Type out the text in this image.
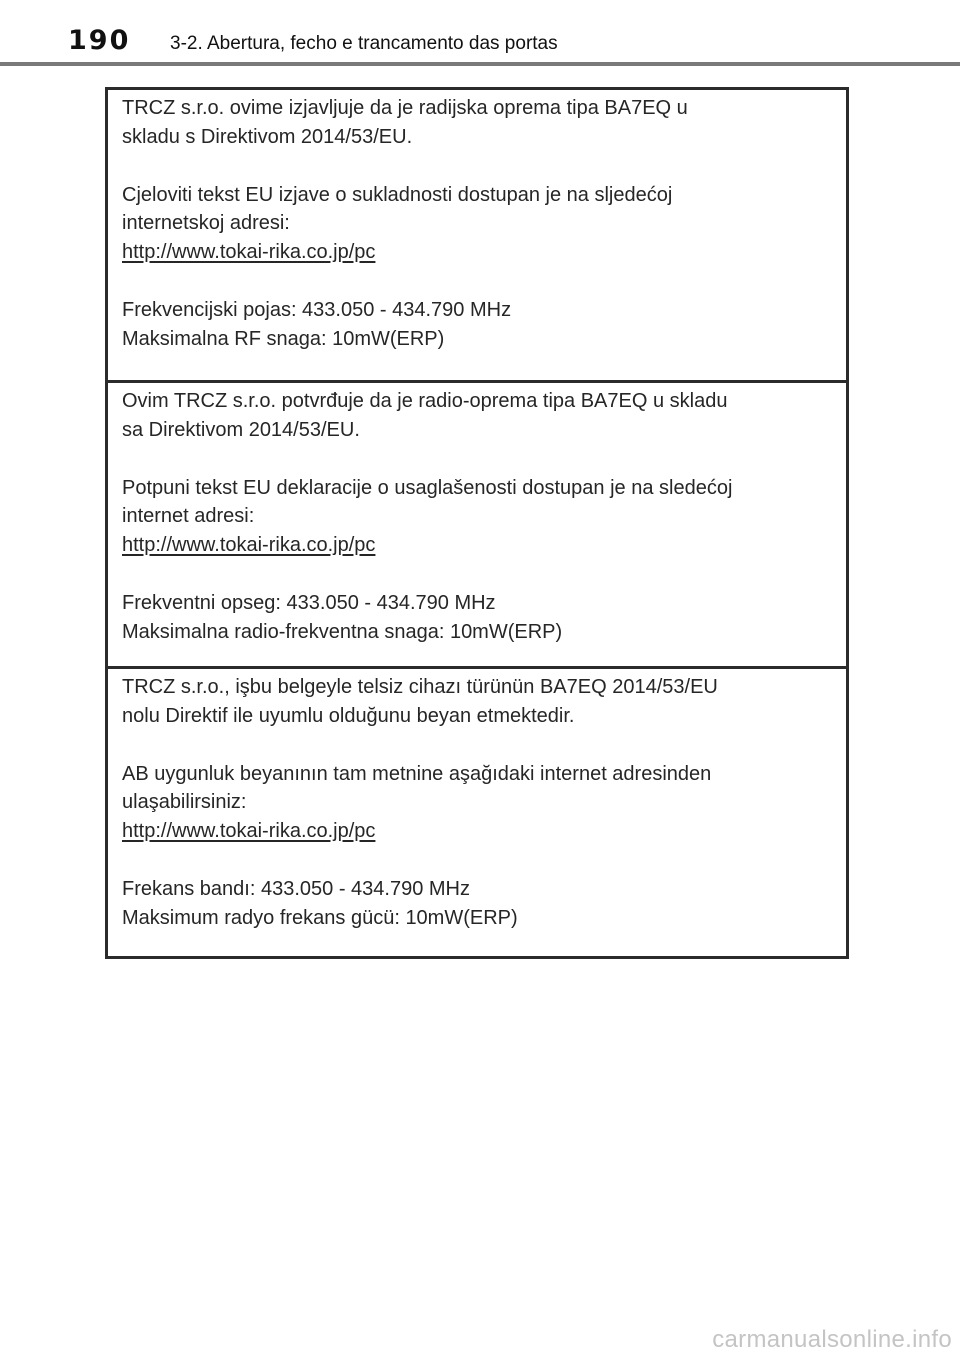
190 3-2. Abertura, fecho e trancamento das portas

TRCZ s.r.o. ovime izjavljuje da je radijska oprema tipa BA7EQ u

skladu s Direktivom 2014/53/EU.

Cjeloviti tekst EU izjave o sukladnosti dostupan je na sljedećoj

internetskoj adresi:

http://www.tokai-rika.co.jp/pc

Frekvencijski pojas: 433.050 - 434.790 MHz

Maksimalna RF snaga: 10mW(ERP)

Ovim TRCZ s.r.o. potvrđuje da je radio-oprema tipa BA7EQ u skladu

sa Direktivom 2014/53/EU.

Potpuni tekst EU deklaracije o usaglašenosti dostupan je na sledećoj

internet adresi:

http://www.tokai-rika.co.jp/pc

Frekventni opseg: 433.050 - 434.790 MHz

Maksimalna radio-frekventna snaga: 10mW(ERP)

TRCZ s.r.o., işbu belgeyle telsiz cihazı türünün BA7EQ 2014/53/EU

nolu Direktif ile uyumlu olduğunu beyan etmektedir.

AB uygunluk beyanının tam metnine aşağıdaki internet adresinden

ulaşabilirsiniz:

http://www.tokai-rika.co.jp/pc

Frekans bandı: 433.050 - 434.790 MHz

Maksimum radyo frekans gücü: 10mW(ERP)

carmanualsonline.info
